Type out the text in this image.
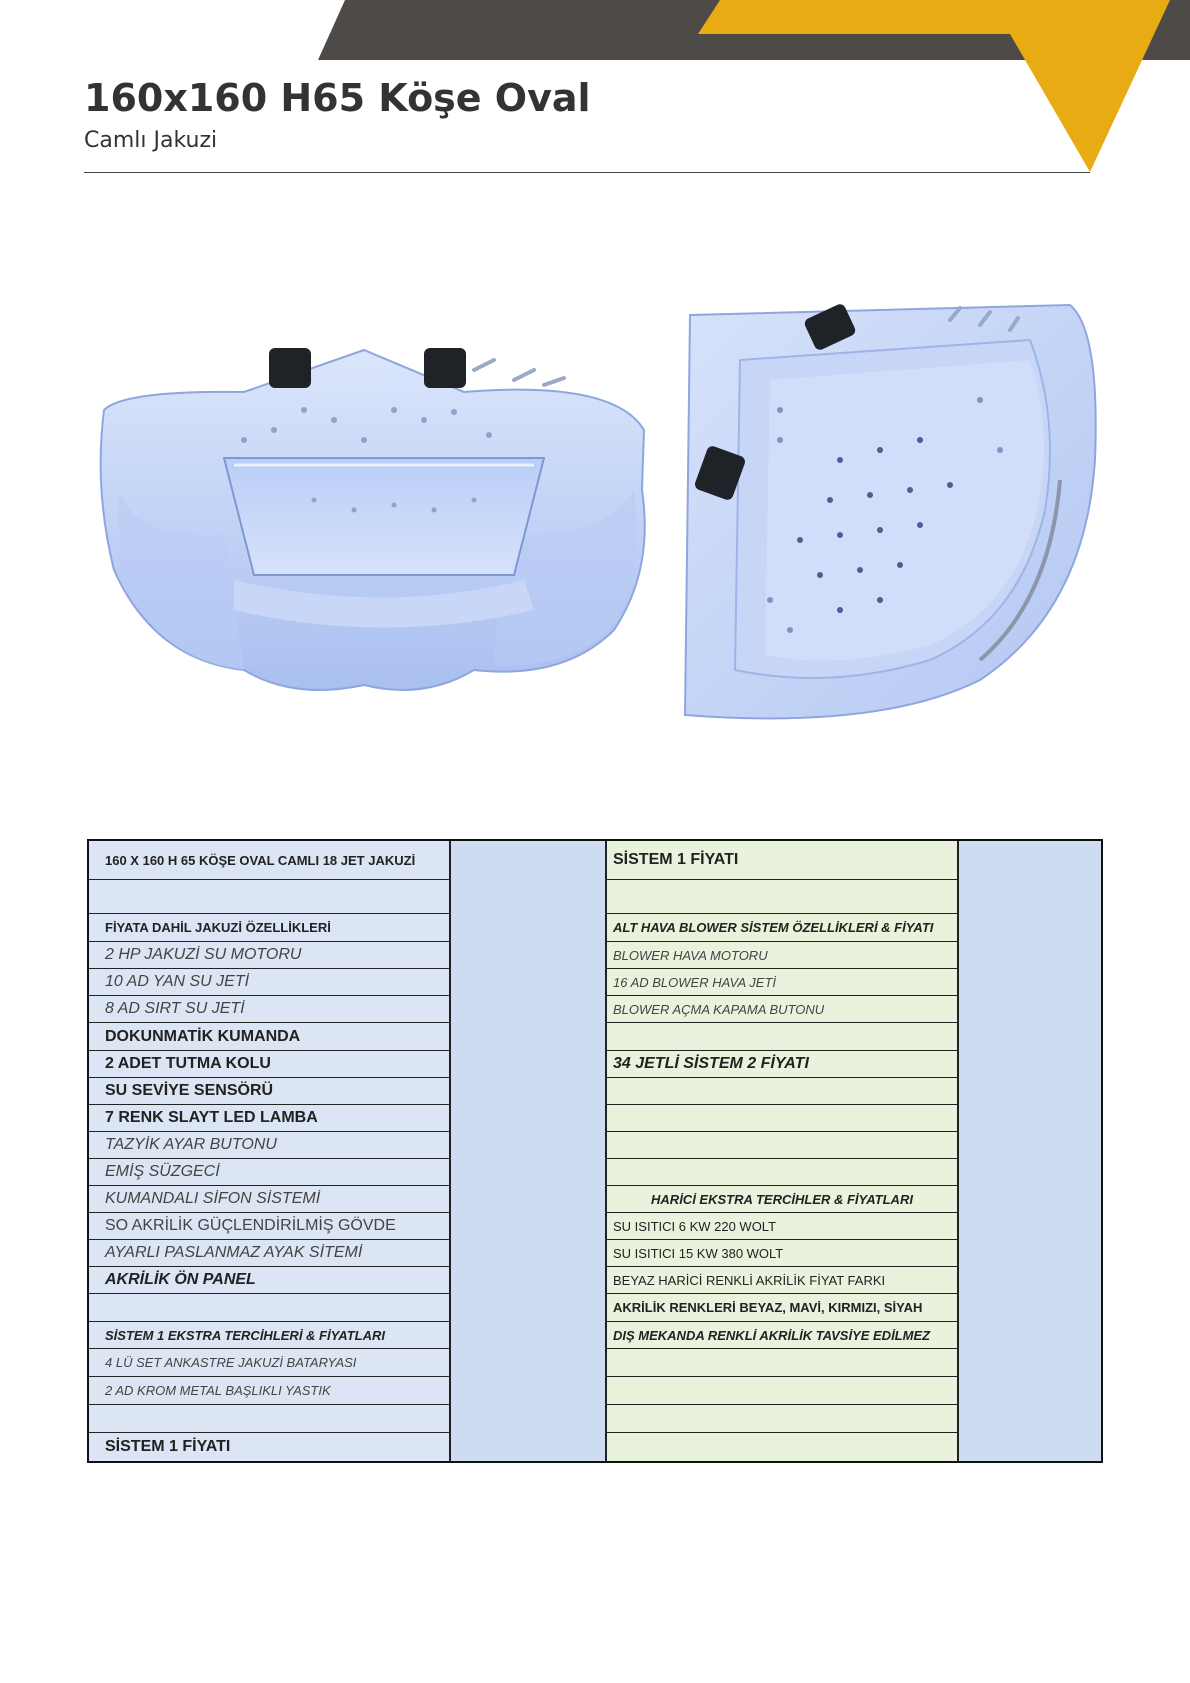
160x160 H65 Köşe Oval
Camlı Jakuzi
160 X 160 H 65 KÖŞE OVAL CAMLI 18 JET JAKUZİ
FİYATA DAHİL JAKUZİ ÖZELLİKLERİ
2 HP JAKUZİ SU MOTORU
10 AD YAN SU JETİ
8 AD SIRT SU JETİ
DOKUNMATİK KUMANDA
2 ADET TUTMA KOLU
SU SEVİYE SENSÖRÜ
7 RENK SLAYT LED LAMBA
TAZYİK AYAR BUTONU
EMİŞ SÜZGECİ
KUMANDALI SİFON SİSTEMİ
SO AKRİLİK GÜÇLENDİRİLMİŞ GÖVDE
AYARLI PASLANMAZ AYAK SİTEMİ
AKRİLİK ÖN PANEL
SİSTEM 1 EKSTRA TERCİHLERİ & FİYATLARI
4 LÜ SET ANKASTRE JAKUZİ BATARYASI
2 AD KROM METAL BAŞLIKLI YASTIK
SİSTEM 1 FİYATI
SİSTEM 1 FİYATI
ALT HAVA BLOWER SİSTEM ÖZELLİKLERİ & FİYATI
BLOWER HAVA MOTORU
16 AD BLOWER HAVA JETİ
BLOWER AÇMA KAPAMA BUTONU
34 JETLİ SİSTEM 2 FİYATI
HARİCİ EKSTRA TERCİHLER & FİYATLARI
SU ISITICI 6 KW 220 WOLT
SU ISITICI 15 KW 380 WOLT
BEYAZ HARİCİ RENKLİ AKRİLİK FİYAT FARKI
AKRİLİK RENKLERİ BEYAZ, MAVİ, KIRMIZI, SİYAH
DIŞ MEKANDA RENKLİ AKRİLİK TAVSİYE EDİLMEZ
